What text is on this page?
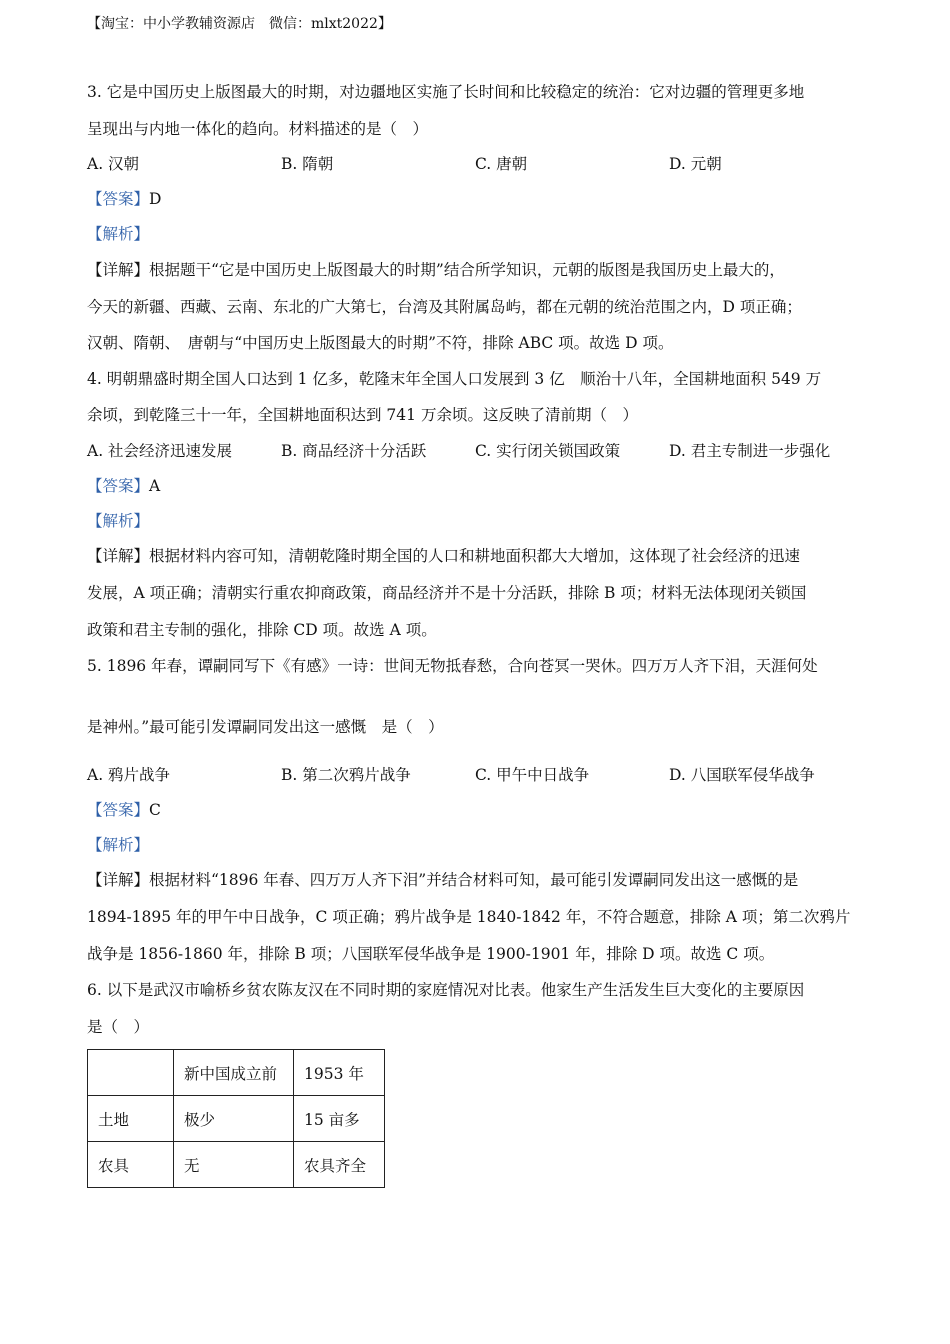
【淘宝：中小学教辅资源店　微信：mlxt2022】
3. 它是中国历史上版图最大的时期，对边疆地区实施了长时间和比较稳定的统治：它对边疆的管理更多地
呈现出与内地一体化的趋向。材料描述的是（　）
A. 汉朝	B. 隋朝	C. 唐朝	D. 元朝
【答案】D
【解析】
【详解】根据题干“它是中国历史上版图最大的时期”结合所学知识，元朝的版图是我国历史上最大的，
今天的新疆、西藏、云南、东北的广大第七，台湾及其附属岛屿，都在元朝的统治范围之内，D 项正确；
汉朝、隋朝、　唐朝与“中国历史上版图最大的时期”不符，排除 ABC 项。故选 D 项。
4. 明朝鼎盛时期全国人口达到 1 亿多，乾隆末年全国人口发展到 3 亿　顺治十八年，全国耕地面积 549 万
余顷，到乾隆三十一年，全国耕地面积达到 741 万余顷。这反映了清前期（　）
A. 社会经济迅速发展	B. 商品经济十分活跃	C. 实行闭关锁国政策	D. 君主专制进一步强化
【答案】A
【解析】
【详解】根据材料内容可知，清朝乾隆时期全国的人口和耕地面积都大大增加，这体现了社会经济的迅速
发展，A 项正确；清朝实行重农抑商政策，商品经济并不是十分活跃，排除 B 项；材料无法体现闭关锁国
政策和君主专制的强化，排除 CD 项。故选 A 项。
5. 1896 年春，谭嗣同写下《有感》一诗：世间无物抵春愁，合向苍冥一哭休。四万万人齐下泪，天涯何处
是神州。”最可能引发谭嗣同发出这一感慨　是（　）
A. 鸦片战争	B. 第二次鸦片战争	C. 甲午中日战争	D. 八国联军侵华战争
【答案】C
【解析】
【详解】根据材料“1896 年春、四万万人齐下泪”并结合材料可知，最可能引发谭嗣同发出这一感慨的是
1894-1895 年的甲午中日战争，C 项正确；鸦片战争是 1840-1842 年，不符合题意，排除 A 项；第二次鸦片
战争是 1856-1860 年，排除 B 项；八国联军侵华战争是 1900-1901 年，排除 D 项。故选 C 项。
6. 以下是武汉市喻桥乡贫农陈友汉在不同时期的家庭情况对比表。他家生产生活发生巨大变化的主要原因
是（　）
	新中国成立前	1953 年
土地	极少	15 亩多
农具	无	农具齐全
